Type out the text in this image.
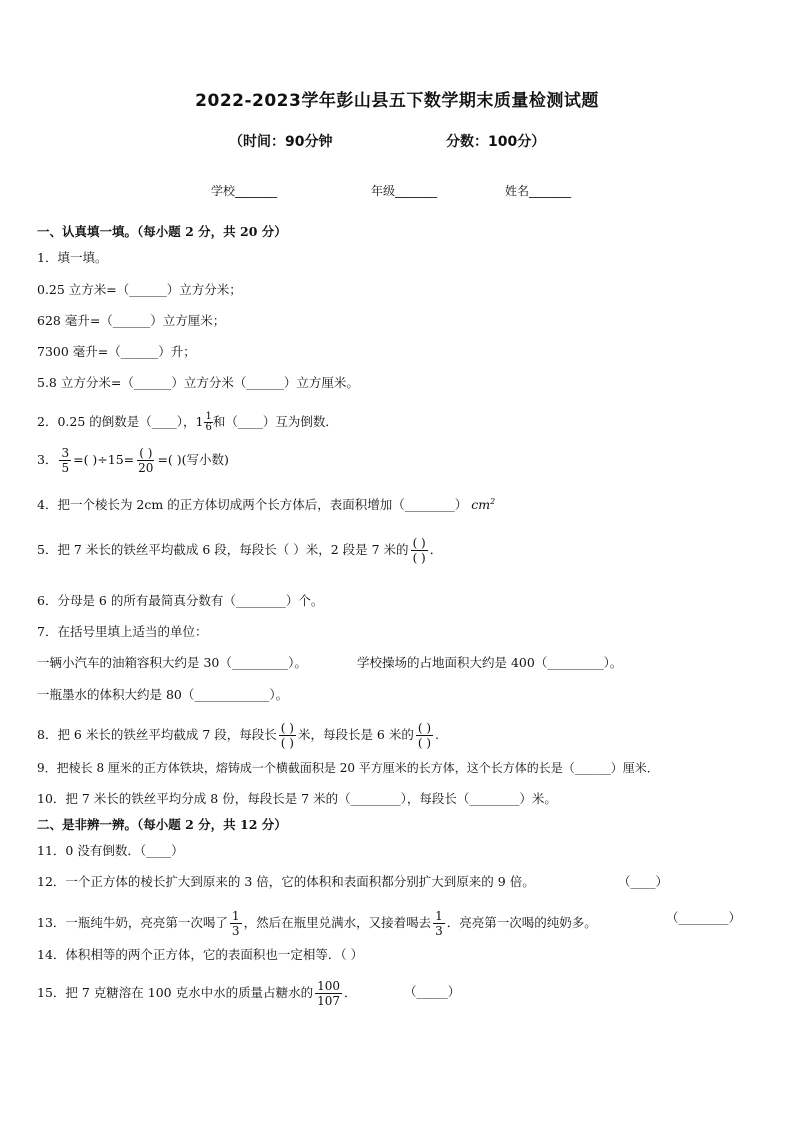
2022-2023学年彭山县五下数学期末质量检测试题
（时间：90分钟	分数：100分）
学校_______	年级_______	姓名_______
一、认真填一填。（每小题 2 分，共 20 分）
1．填一填。
0.25 立方米=（______）立方分米；
628 毫升=（______）立方厘米；
7300 毫升=（______）升；
5.8 立方分米=（______）立方分米（______）立方厘米。
2．0.25 的倒数是（____），$1 \frac{1}{6}$ 和（____）互为倒数．
3． $\frac{3}{5}$ =( )$\div 15= \frac{( )}{20}$ =( )(写小数)
4．把一个棱长为 2cm 的正方体切成两个长方体后，表面积增加（________） $cm^2$
5．把 7 米长的铁丝平均截成 6 段，每段长（ ）米，2 段是 7 米的 $\frac{( )}{( )}$ ．
6．分母是 6 的所有最简真分数有（________）个。
7．在括号里填上适当的单位：
一辆小汽车的油箱容积大约是 30（_________）。	学校操场的占地面积大约是 400（_________）。
一瓶墨水的体积大约是 80（____________）。
8．把 6 米长的铁丝平均截成 7 段，每段长 $\frac{( )}{( )}$ 米，每段长是 6 米的 $\frac{( )}{( )}$ .
9．把棱长 8 厘米的正方体铁块，熔铸成一个横截面积是 20 平方厘米的长方体，这个长方体的长是（______）厘米．
10．把 7 米长的铁丝平均分成 8 份，每段长是 7 米的（________），每段长（________）米。
二、是非辨一辨。（每小题 2 分，共 12 分）
11．0 没有倒数．（____）
12．一个正方体的棱长扩大到原来的 3 倍，它的体积和表面积都分别扩大到原来的 9 倍。	（____）
13．一瓶纯牛奶，亮亮第一次喝了 $\frac{1}{3}$ ，然后在瓶里兑满水，又接着喝去 $\frac{1}{3}$ ．亮亮第一次喝的纯奶多。	（________）
14．体积相等的两个正方体，它的表面积也一定相等．（ ）
15．把 7 克糖溶在 100 克水中水的质量占糖水的 $\frac{100}{107}$ ．	（_____）
